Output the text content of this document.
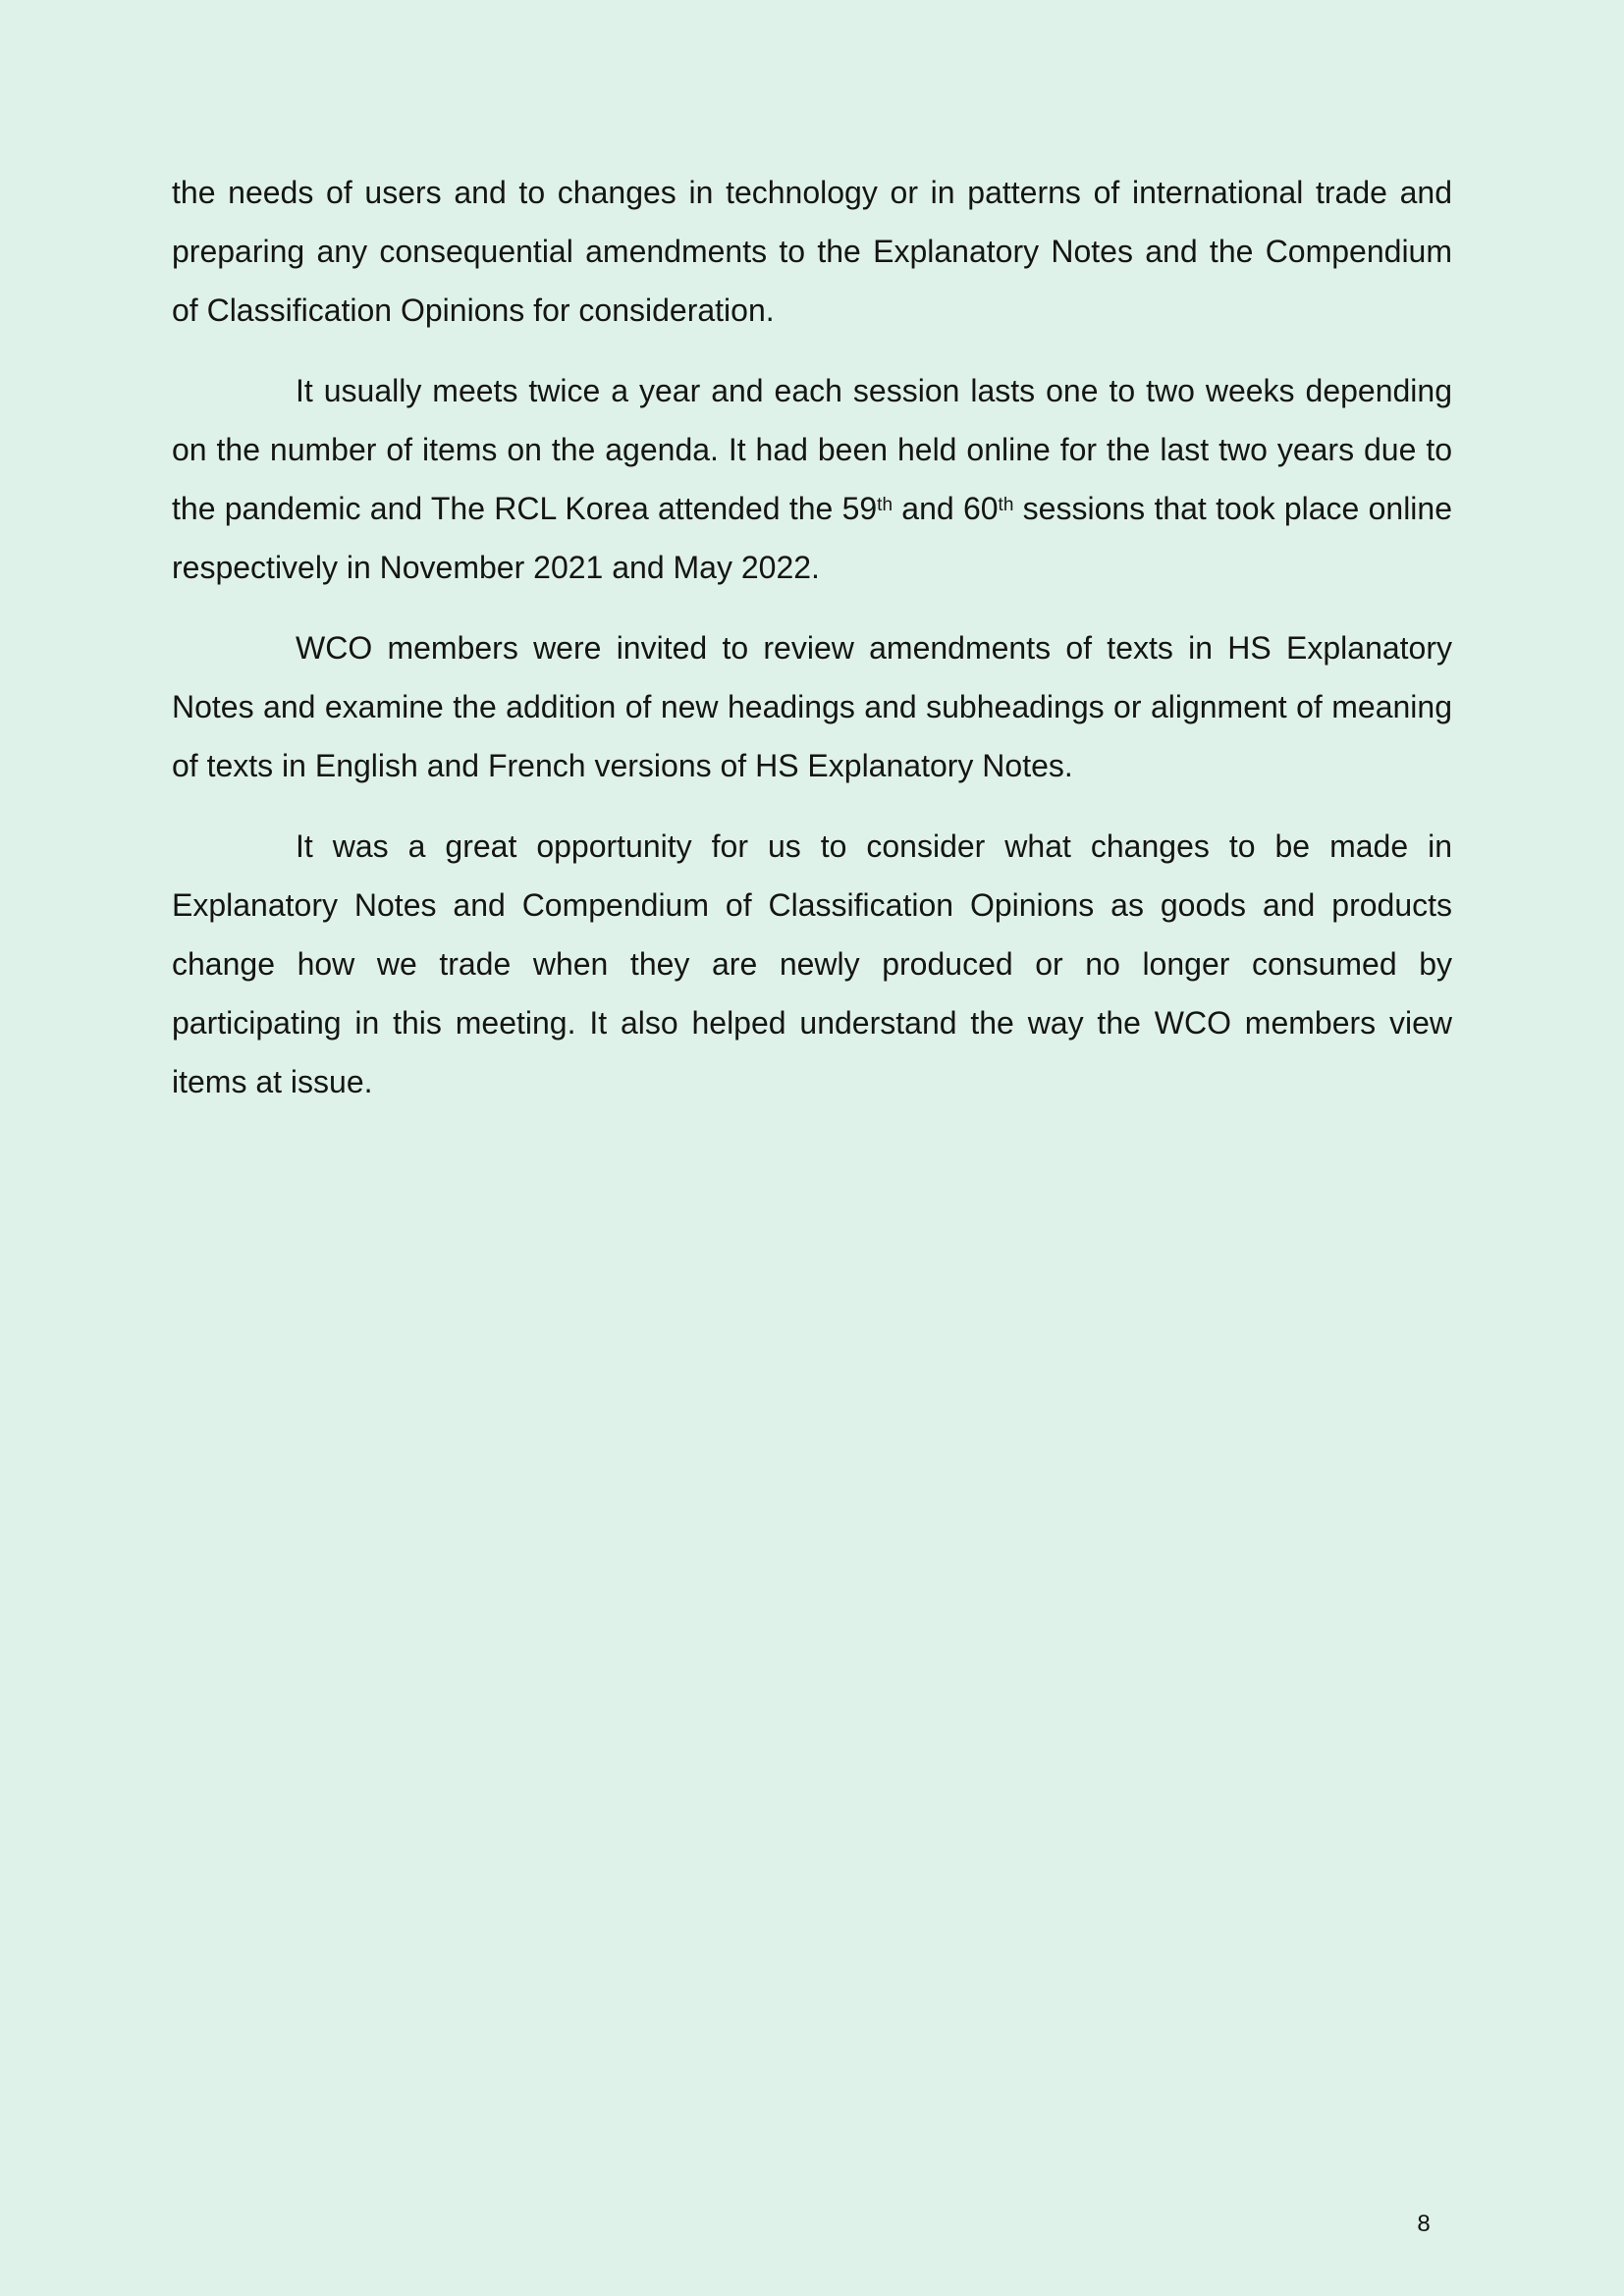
the needs of users and to changes in technology or in patterns of international trade and preparing any consequential amendments to the Explanatory Notes and the Compendium of Classification Opinions for consideration.

It usually meets twice a year and each session lasts one to two weeks depending on the number of items on the agenda. It had been held online for the last two years due to the pandemic and The RCL Korea attended the 59th and 60th sessions that took place online respectively in November 2021 and May 2022.

WCO members were invited to review amendments of texts in HS Explanatory Notes and examine the addition of new headings and subheadings or alignment of meaning of texts in English and French versions of HS Explanatory Notes.

It was a great opportunity for us to consider what changes to be made in Explanatory Notes and Compendium of Classification Opinions as goods and products change how we trade when they are newly produced or no longer consumed by participating in this meeting. It also helped understand the way the WCO members view items at issue.

8
